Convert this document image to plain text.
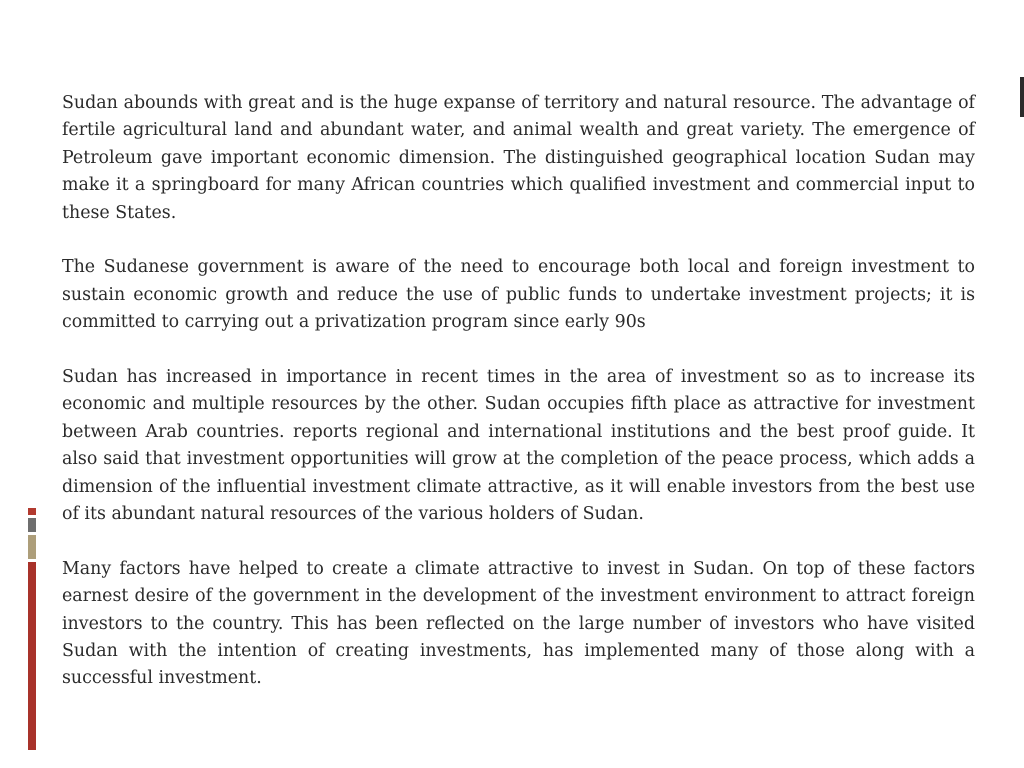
Sudan abounds with great and is the huge expanse of territory and natural resource. The advantage of fertile agricultural land and abundant water, and animal wealth and great variety. The emergence of Petroleum gave important economic dimension. The distinguished geographical location Sudan may make it a springboard for many African countries which qualified investment and commercial input to these States.

The Sudanese government is aware of the need to encourage both local and foreign investment to sustain economic growth and reduce the use of public funds to undertake investment projects; it is committed to carrying out a privatization program since early 90s

Sudan has increased in importance in recent times in the area of investment so as to increase its economic and multiple resources by the other. Sudan occupies fifth place as attractive for investment between Arab countries. reports regional and international institutions and the best proof guide. It also said that investment opportunities will grow at the completion of the peace process, which adds a dimension of the influential investment climate attractive, as it will enable investors from the best use of its abundant natural resources of the various holders of Sudan.

Many factors have helped to create a climate attractive to invest in Sudan. On top of these factors earnest desire of the government in the development of the investment environment to attract foreign investors to the country. This has been reflected on the large number of investors who have visited Sudan with the intention of creating investments, has implemented many of those along with a successful investment.
